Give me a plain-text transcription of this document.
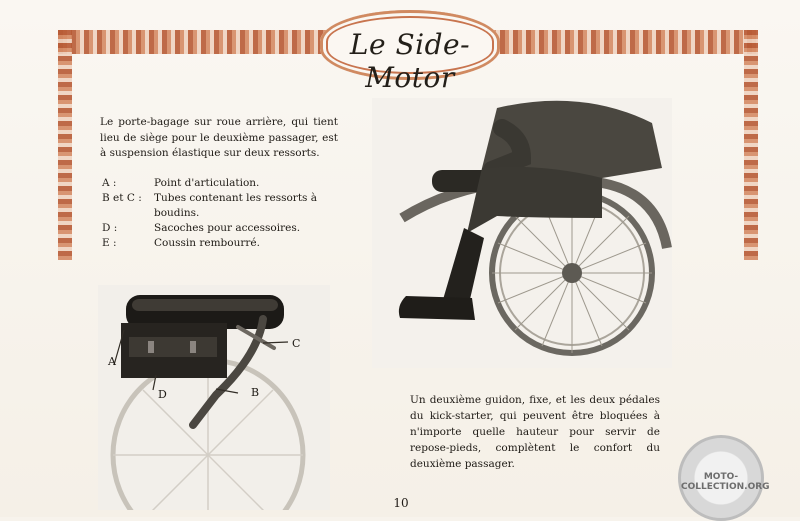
Le Side-Motor
Le porte-bagage sur roue arrière, qui tient lieu de siège pour le deuxième passager, est à suspension élastique sur deux ressorts.
A :	Point d'articulation.
B et C :	Tubes contenant les ressorts à boudins.
D :	Sacoches pour accessoires.
E :	Coussin rembourré.
A
B
C
D	Un deuxième guidon, fixe, et les deux pédales du kick-starter, qui peuvent être bloquées à n'importe quelle hauteur pour servir de repose-pieds, complètent le confort du deuxième passager.
10
MOTO-COLLECTION.ORG
